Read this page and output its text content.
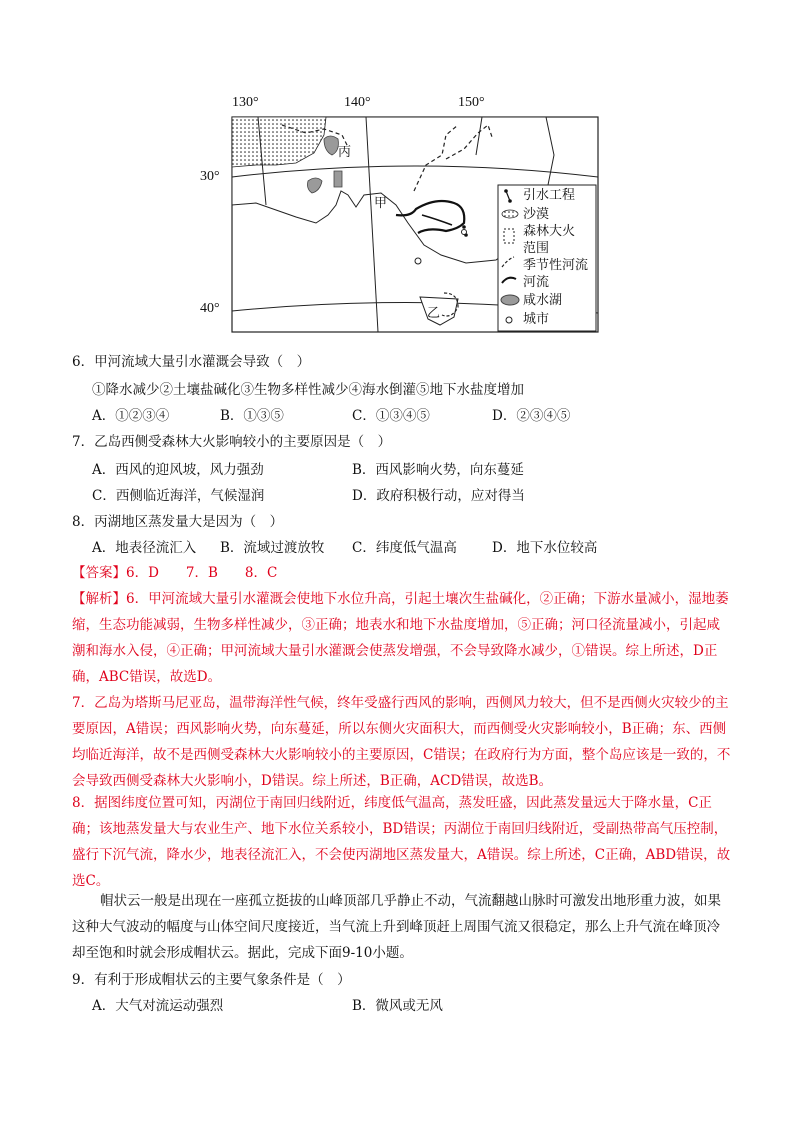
130°	140°	150°
30°
40°
丙
甲
乙
引水工程
沙漠
森林大火
范围
季节性河流
河流
咸水湖
城市
6．甲河流域大量引水灌溉会导致（　）
①降水减少②土壤盐碱化③生物多样性减少④海水倒灌⑤地下水盐度增加
A．①②③④	B．①③⑤	C．①③④⑤	D．②③④⑤
7．乙岛西侧受森林大火影响较小的主要原因是（　）
A．西风的迎风坡，风力强劲	B．西风影响火势，向东蔓延
C．西侧临近海洋，气候湿润	D．政府积极行动，应对得当
8．丙湖地区蒸发量大是因为（　）
A．地表径流汇入 B．流域过渡放牧 C．纬度低气温高	D．地下水位较高
【答案】6．D　　7．B　　8．C
【解析】6．甲河流域大量引水灌溉会使地下水位升高，引起土壤次生盐碱化，②正确；下游水量减小，湿地萎缩，生态功能减弱，生物多样性减少，③正确；地表水和地下水盐度增加，⑤正确；河口径流量减小，引起咸潮和海水入侵，④正确；甲河流域大量引水灌溉会使蒸发增强，不会导致降水减少，①错误。综上所述，D正确，ABC错误，故选D。
7．乙岛为塔斯马尼亚岛，温带海洋性气候，终年受盛行西风的影响，西侧风力较大，但不是西侧火灾较少的主要原因，A错误；西风影响火势，向东蔓延，所以东侧火灾面积大，而西侧受火灾影响较小，B正确；东、西侧均临近海洋，故不是西侧受森林大火影响较小的主要原因，C错误；在政府行为方面，整个岛应该是一致的，不会导致西侧受森林大火影响小，D错误。综上所述，B正确，ACD错误，故选B。
8．据图纬度位置可知，丙湖位于南回归线附近，纬度低气温高，蒸发旺盛，因此蒸发量远大于降水量，C正确；该地蒸发量大与农业生产、地下水位关系较小，BD错误；丙湖位于南回归线附近，受副热带高气压控制，盛行下沉气流，降水少，地表径流汇入，不会使丙湖地区蒸发量大，A错误。综上所述，C正确，ABD错误，故选C。
帽状云一般是出现在一座孤立挺拔的山峰顶部几乎静止不动，气流翻越山脉时可激发出地形重力波，如果这种大气波动的幅度与山体空间尺度接近，当气流上升到峰顶赶上周围气流又很稳定，那么上升气流在峰顶冷却至饱和时就会形成帽状云。据此，完成下面9-10小题。
9．有利于形成帽状云的主要气象条件是（　）
A．大气对流运动强烈	B．微风或无风
